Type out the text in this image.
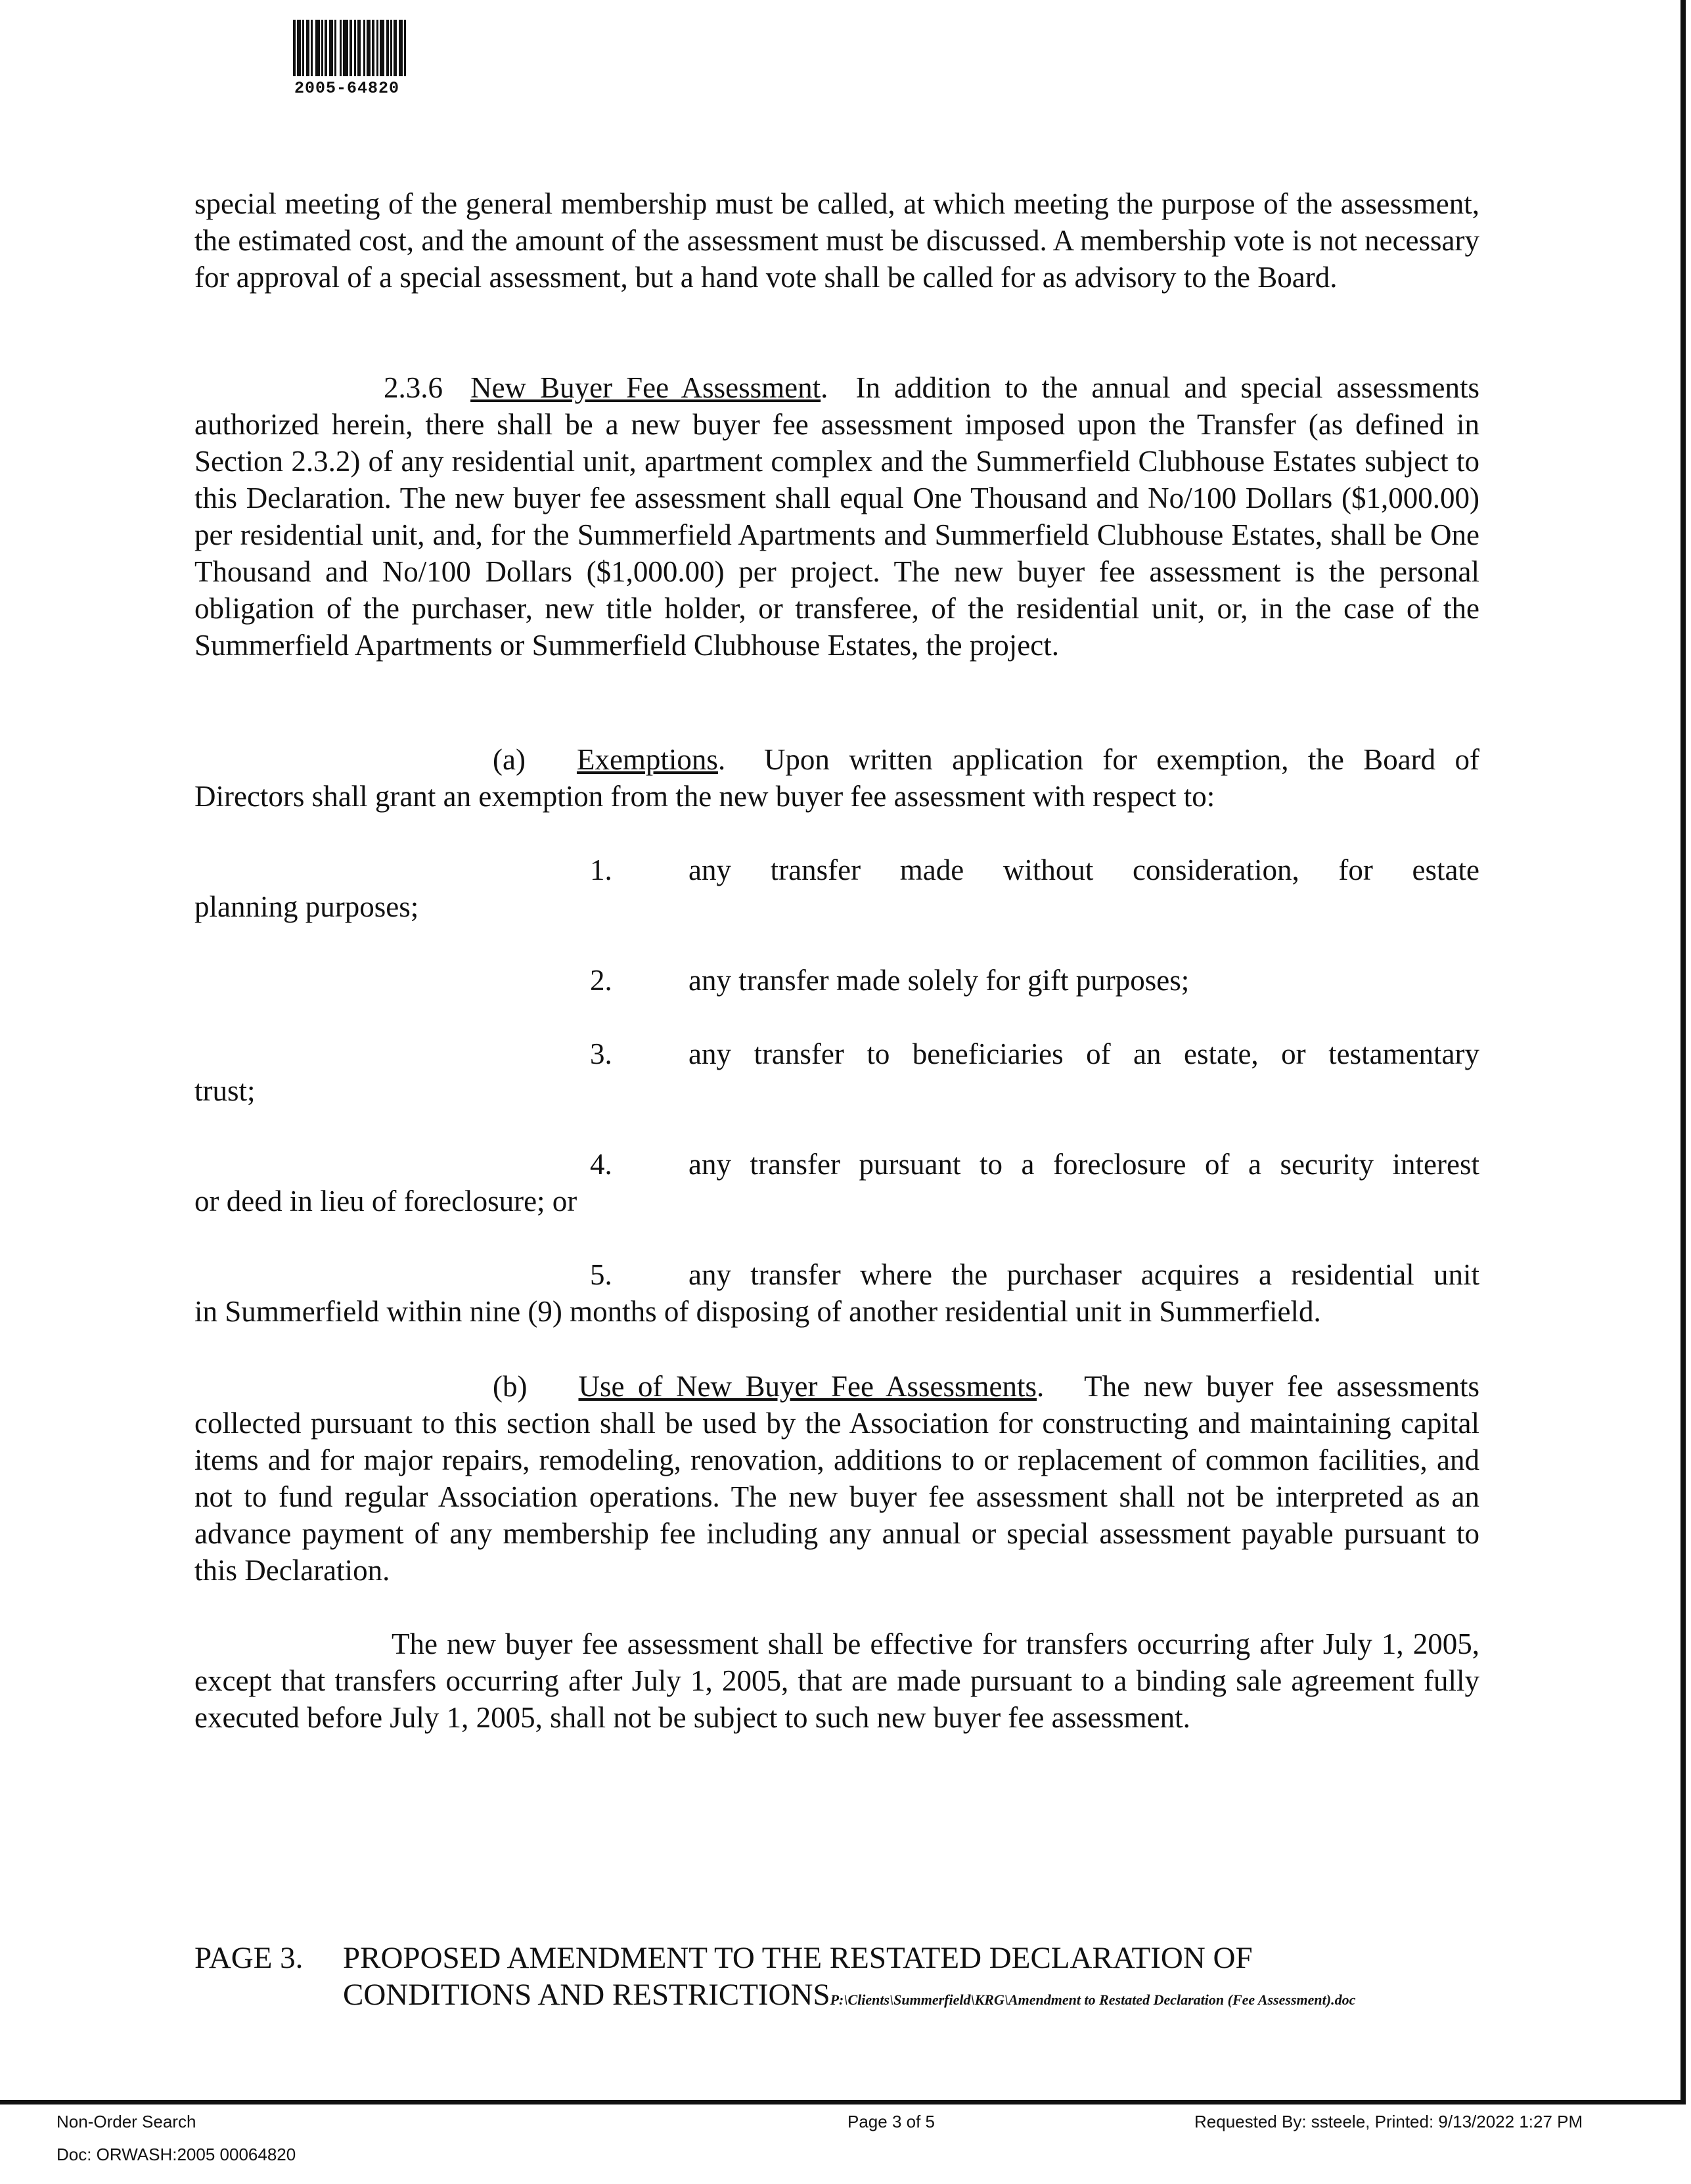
2005-64820

special meeting of the general membership must be called, at which meeting the purpose of the assessment, the estimated cost, and the amount of the assessment must be discussed. A membership vote is not necessary for approval of a special assessment, but a hand vote shall be called for as advisory to the Board.

2.3.6 New Buyer Fee Assessment.  In addition to the annual and special assessments authorized herein, there shall be a new buyer fee assessment imposed upon the Transfer (as defined in Section 2.3.2) of any residential unit, apartment complex and the Summerfield Clubhouse Estates subject to this Declaration. The new buyer fee assessment shall equal One Thousand and No/100 Dollars ($1,000.00) per residential unit, and, for the Summerfield Apartments and Summerfield Clubhouse Estates, shall be One Thousand and No/100 Dollars ($1,000.00) per project. The new buyer fee assessment is the personal obligation of the purchaser, new title holder, or transferee, of the residential unit, or, in the case of the Summerfield Apartments or Summerfield Clubhouse Estates, the project.

(a) Exemptions.  Upon written application for exemption, the Board of Directors shall grant an exemption from the new buyer fee assessment with respect to:

1.	any transfer made without consideration, for estate
planning purposes;
2.	any transfer made solely for gift purposes;
3.	any transfer to beneficiaries of an estate, or testamentary
trust;
4.	any transfer pursuant to a foreclosure of a security interest
or deed in lieu of foreclosure; or
5.	any transfer where the purchaser acquires a residential unit
in Summerfield within nine (9) months of disposing of another residential unit in Summerfield.

(b) Use of New Buyer Fee Assessments.   The new buyer fee assessments collected pursuant to this section shall be used by the Association for constructing and maintaining capital items and for major repairs, remodeling, renovation, additions to or replacement of common facilities, and not to fund regular Association operations. The new buyer fee assessment shall not be interpreted as an advance payment of any membership fee including any annual or special assessment payable pursuant to this Declaration.

The new buyer fee assessment shall be effective for transfers occurring after July 1, 2005, except that transfers occurring after July 1, 2005, that are made pursuant to a binding sale agreement fully executed before July 1, 2005, shall not be subject to such new buyer fee assessment.

PAGE 3. PROPOSED AMENDMENT TO THE RESTATED DECLARATION OF
CONDITIONS AND RESTRICTIONSP:\Clients\Summerfield\KRG\Amendment to Restated Declaration (Fee Assessment).doc
Non-Order Search
Doc: ORWASH:2005 00064820
Page 3 of 5	Requested By: ssteele, Printed: 9/13/2022 1:27 PM
